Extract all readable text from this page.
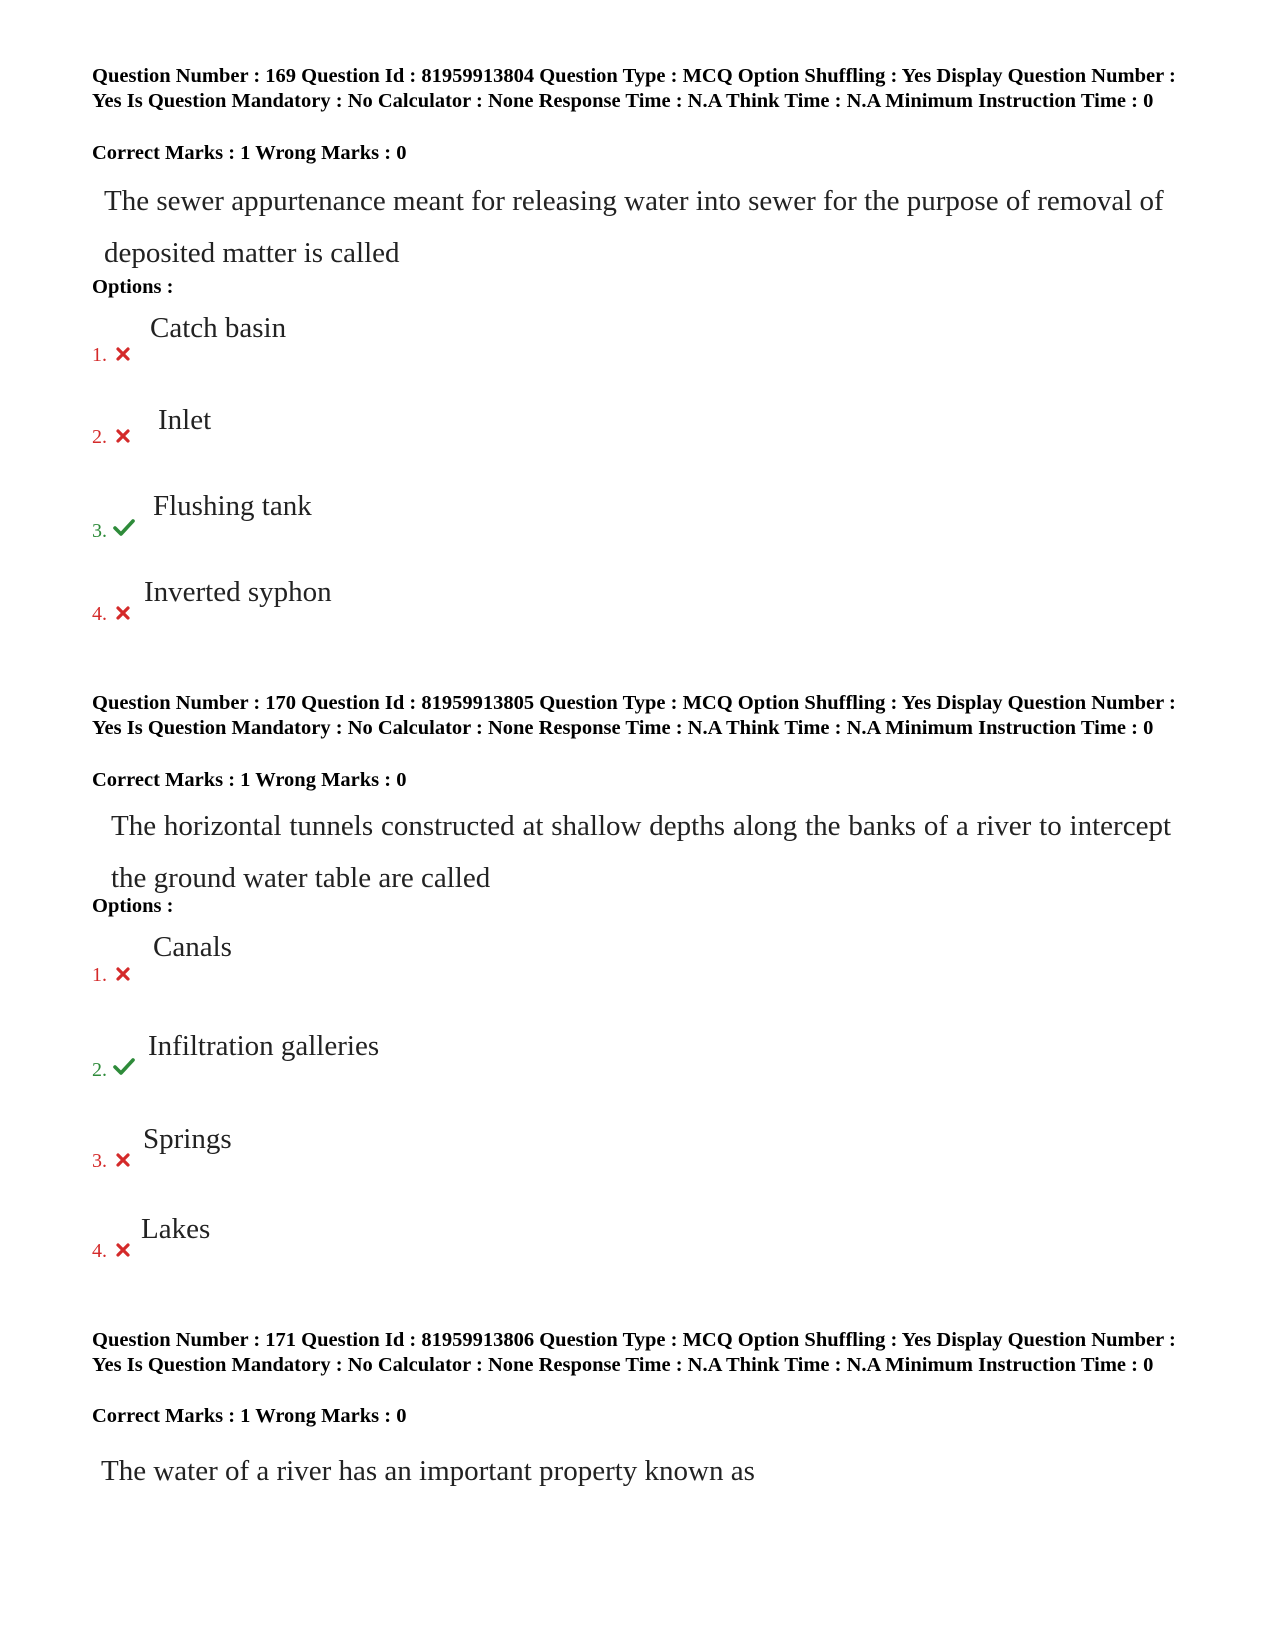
Question Number : 169 Question Id : 81959913804 Question Type : MCQ Option Shuffling : Yes Display Question Number : Yes Is Question Mandatory : No Calculator : None Response Time : N.A Think Time : N.A Minimum Instruction Time : 0
Correct Marks : 1 Wrong Marks : 0
The sewer appurtenance meant for releasing water into sewer for the purpose of removal of deposited matter is called
Options :
1.
Catch basin
2.
Inlet
3.
Flushing tank
4.
Inverted syphon
Question Number : 170 Question Id : 81959913805 Question Type : MCQ Option Shuffling : Yes Display Question Number : Yes Is Question Mandatory : No Calculator : None Response Time : N.A Think Time : N.A Minimum Instruction Time : 0
Correct Marks : 1 Wrong Marks : 0
The horizontal tunnels constructed at shallow depths along the banks of a river to intercept the ground water table are called
Options :
1.
Canals
2.
Infiltration galleries
3.
Springs
4.
Lakes
Question Number : 171 Question Id : 81959913806 Question Type : MCQ Option Shuffling : Yes Display Question Number : Yes Is Question Mandatory : No Calculator : None Response Time : N.A Think Time : N.A Minimum Instruction Time : 0
Correct Marks : 1 Wrong Marks : 0
The water of a river has an important property known as
